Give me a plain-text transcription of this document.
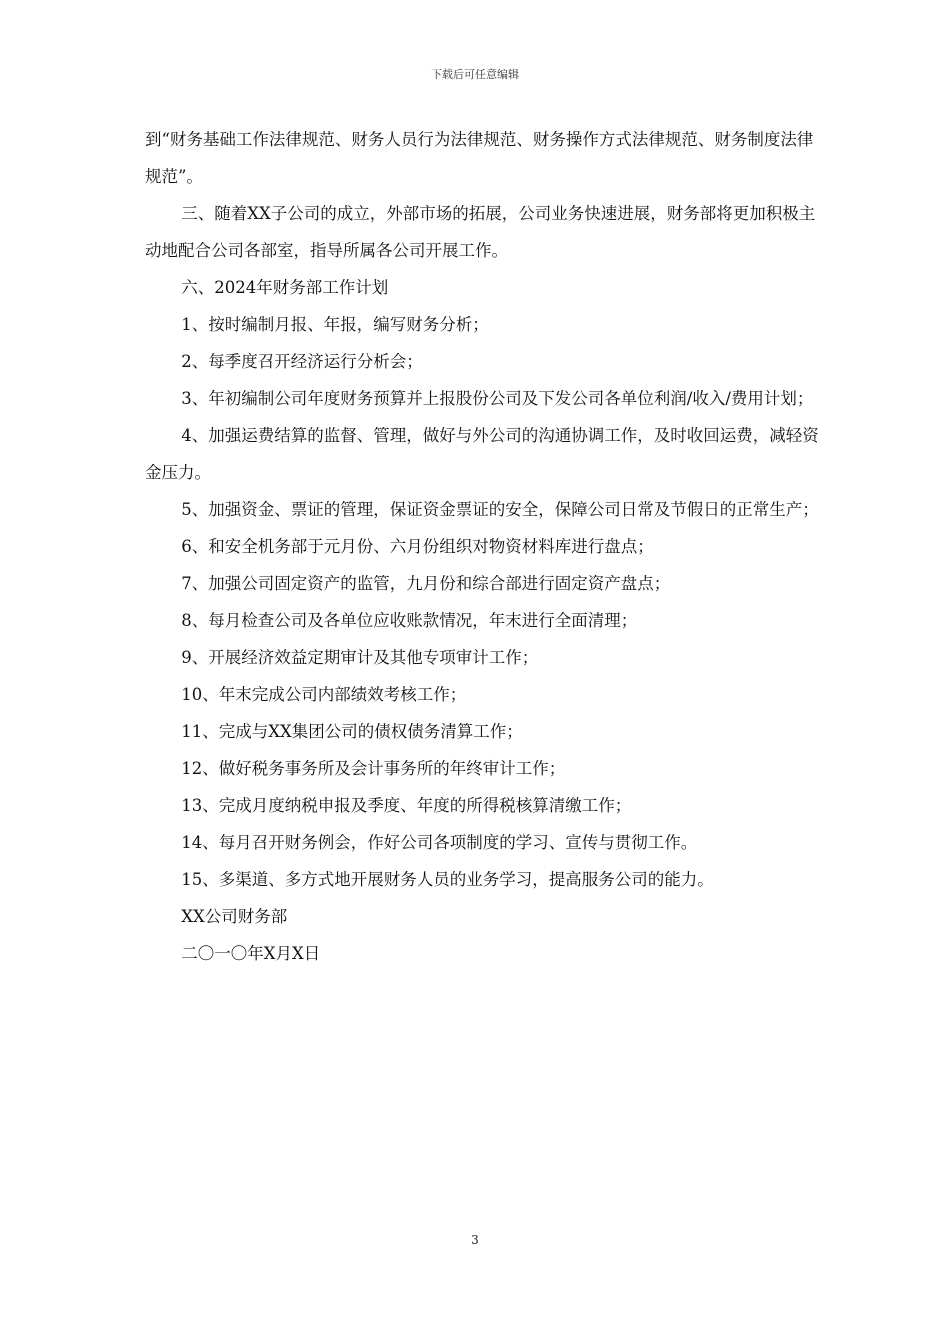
下载后可任意编辑

到“财务基础工作法律规范、财务人员行为法律规范、财务操作方式法律规范、财务制度法律规范”。

三、随着XX子公司的成立，外部市场的拓展，公司业务快速进展，财务部将更加积极主动地配合公司各部室，指导所属各公司开展工作。

六、2024年财务部工作计划

1、按时编制月报、年报，编写财务分析；

2、每季度召开经济运行分析会；

3、年初编制公司年度财务预算并上报股份公司及下发公司各单位利润/收入/费用计划；

4、加强运费结算的监督、管理，做好与外公司的沟通协调工作，及时收回运费，减轻资金压力。

5、加强资金、票证的管理，保证资金票证的安全，保障公司日常及节假日的正常生产；

6、和安全机务部于元月份、六月份组织对物资材料库进行盘点；

7、加强公司固定资产的监管，九月份和综合部进行固定资产盘点；

8、每月检查公司及各单位应收账款情况，年末进行全面清理；

9、开展经济效益定期审计及其他专项审计工作；

10、年末完成公司内部绩效考核工作；

11、完成与XX集团公司的债权债务清算工作；

12、做好税务事务所及会计事务所的年终审计工作；

13、完成月度纳税申报及季度、年度的所得税核算清缴工作；

14、每月召开财务例会，作好公司各项制度的学习、宣传与贯彻工作。

15、多渠道、多方式地开展财务人员的业务学习，提高服务公司的能力。

XX公司财务部

二〇一〇年X月X日

3
